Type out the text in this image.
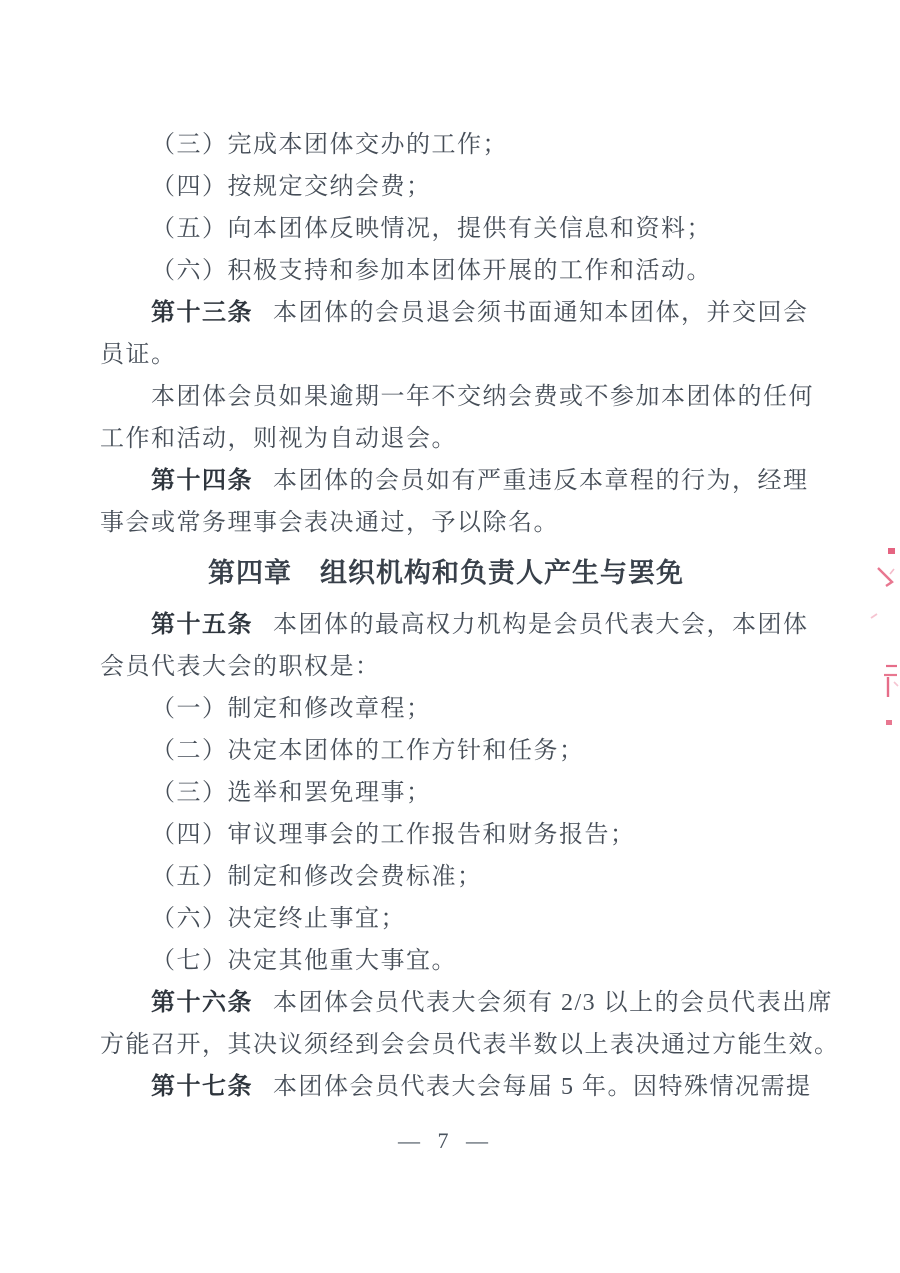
（三）完成本团体交办的工作；
（四）按规定交纳会费；
（五）向本团体反映情况，提供有关信息和资料；
（六）积极支持和参加本团体开展的工作和活动。
第十三条 本团体的会员退会须书面通知本团体，并交回会
员证。
本团体会员如果逾期一年不交纳会费或不参加本团体的任何
工作和活动，则视为自动退会。
第十四条 本团体的会员如有严重违反本章程的行为，经理
事会或常务理事会表决通过，予以除名。
第四章　组织机构和负责人产生与罢免
第十五条 本团体的最高权力机构是会员代表大会，本团体
会员代表大会的职权是：
（一）制定和修改章程；
（二）决定本团体的工作方针和任务；
（三）选举和罢免理事；
（四）审议理事会的工作报告和财务报告；
（五）制定和修改会费标准；
（六）决定终止事宜；
（七）决定其他重大事宜。
第十六条 本团体会员代表大会须有 2/3 以上的会员代表出席
方能召开，其决议须经到会会员代表半数以上表决通过方能生效。
第十七条 本团体会员代表大会每届 5 年。因特殊情况需提
— 7 —
